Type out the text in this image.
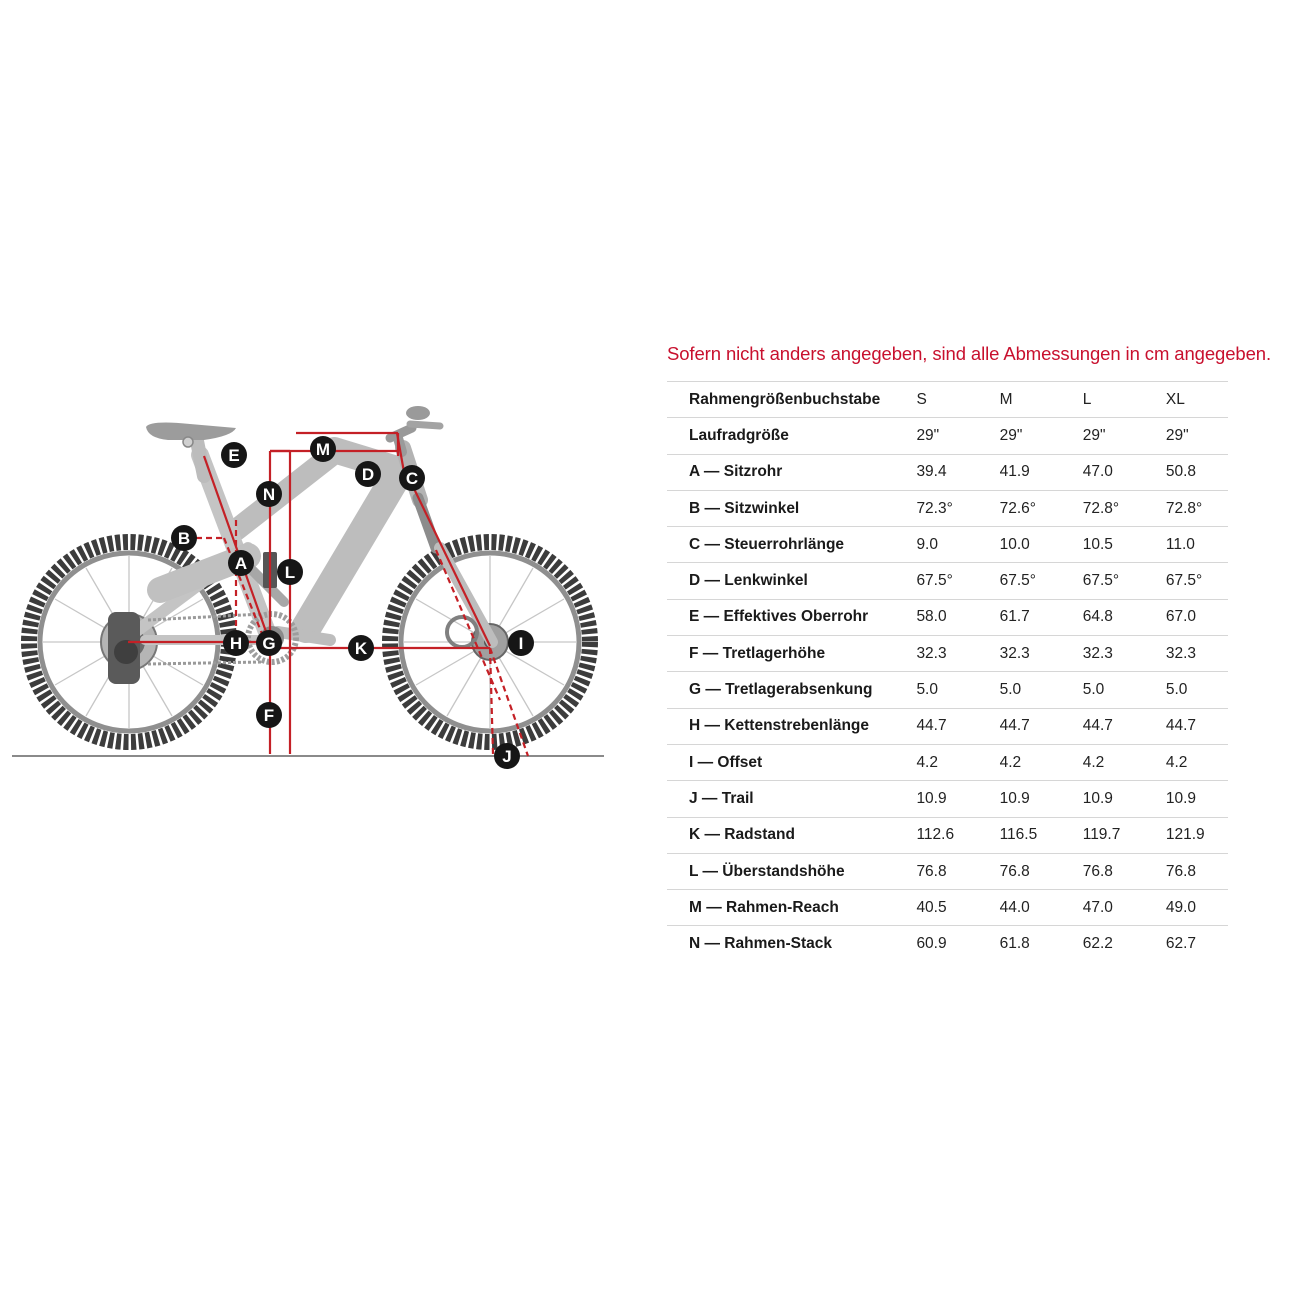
A
B
C
D
E
F
G
H	I
J
K
L
M
N
Sofern nicht anders angegeben, sind alle Abmessungen in cm angegeben.
Rahmengrößenbuchstabe	S	M	L	XL
Laufradgröße	29"	29"	29"	29"
A — Sitzrohr	39.4	41.9	47.0	50.8
B — Sitzwinkel	72.3°	72.6°	72.8°	72.8°
C — Steuerrohrlänge	9.0	10.0	10.5	11.0
D — Lenkwinkel	67.5°	67.5°	67.5°	67.5°
E — Effektives Oberrohr	58.0	61.7	64.8	67.0
F — Tretlagerhöhe	32.3	32.3	32.3	32.3
G — Tretlagerabsenkung	5.0	5.0	5.0	5.0
H — Kettenstrebenlänge	44.7	44.7	44.7	44.7
I — Offset	4.2	4.2	4.2	4.2
J — Trail	10.9	10.9	10.9	10.9
K — Radstand	112.6	116.5	119.7	121.9
L — Überstandshöhe	76.8	76.8	76.8	76.8
M — Rahmen-Reach	40.5	44.0	47.0	49.0
N — Rahmen-Stack	60.9	61.8	62.2	62.7
